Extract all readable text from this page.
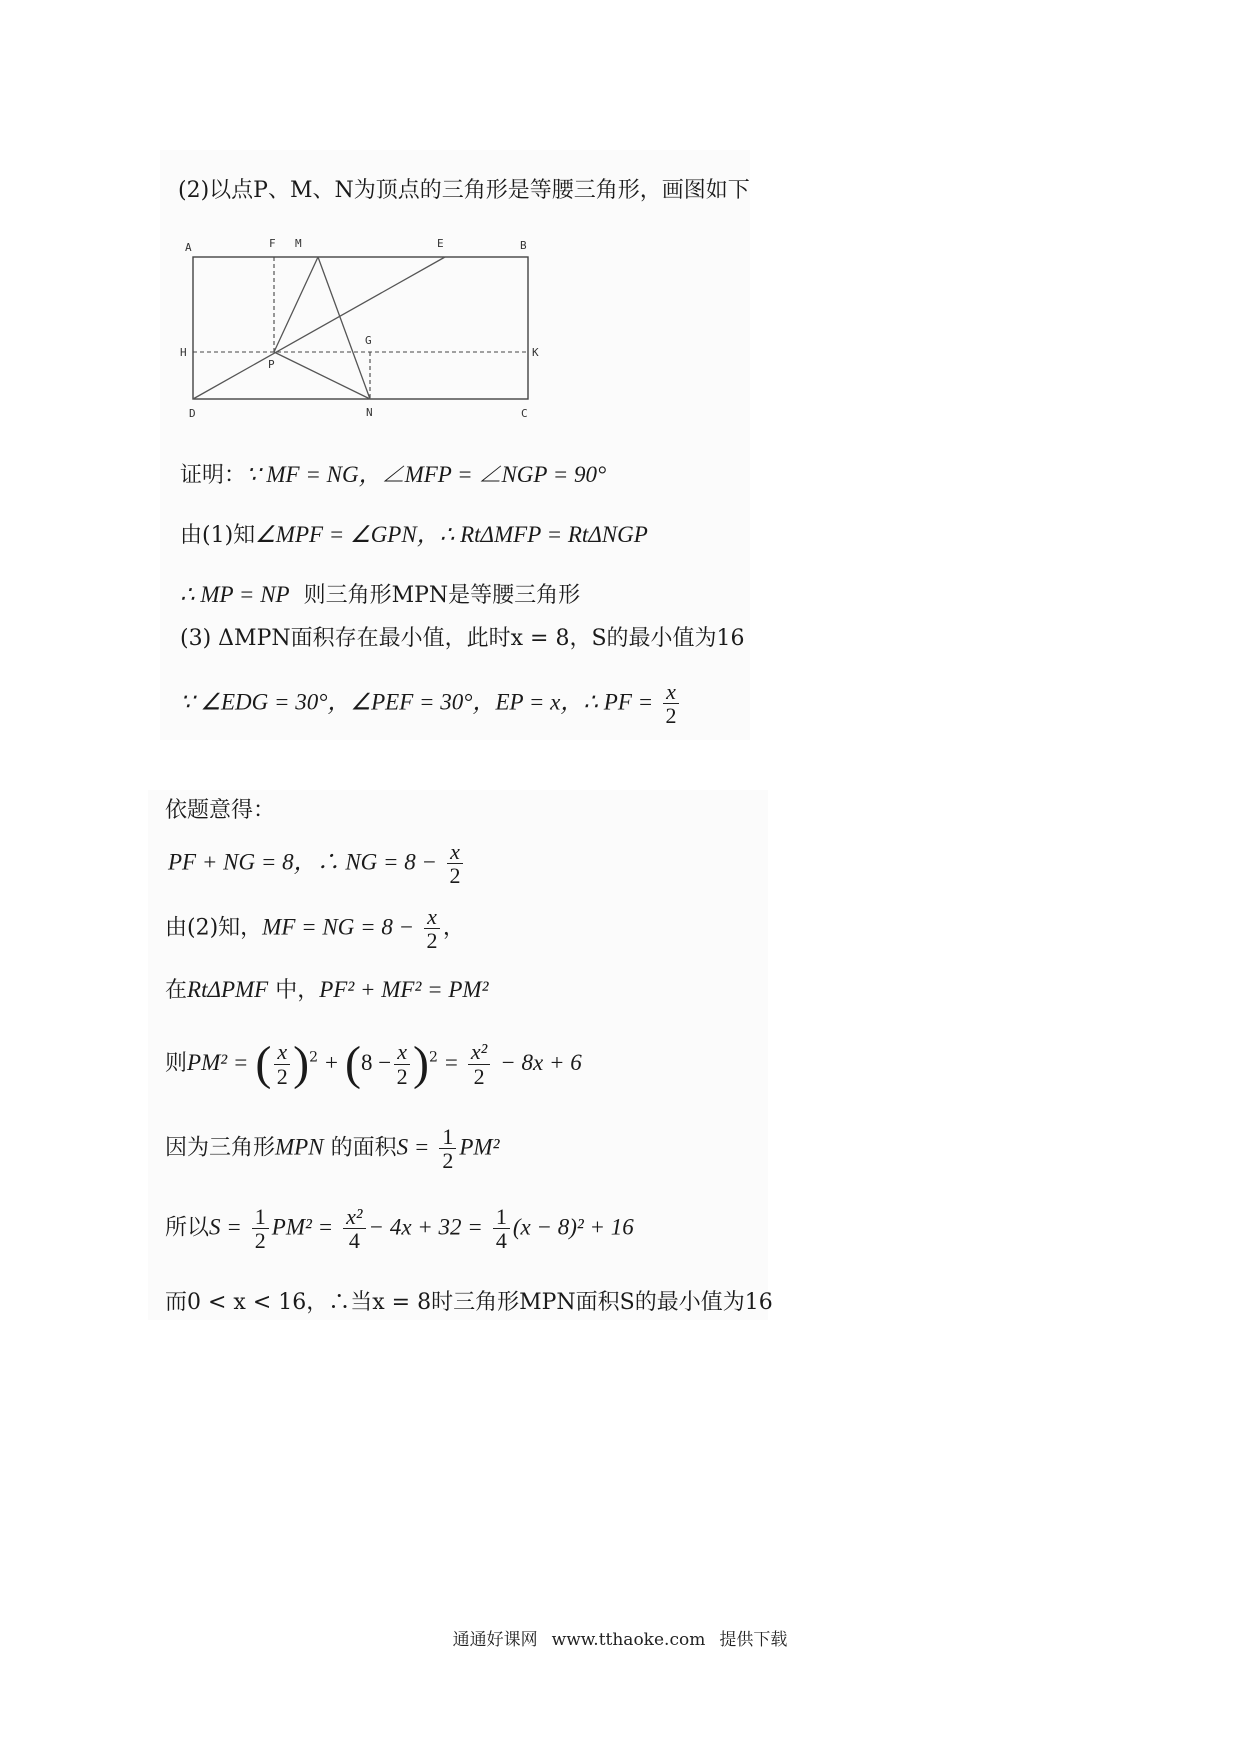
(2)以点P、M、N为顶点的三角形是等腰三角形，画图如下
A	F M	E	B
H
G
K
P
D	N	C
证明：∵ MF = NG，∠MFP = ∠NGP = 90°
由(1)知∠MPF = ∠GPN，∴ RtΔMFP = RtΔNGP
∴ MP = NP 则三角形MPN是等腰三角形
(3) ΔMPN面积存在最小值，此时x = 8，S的最小值为16
∵ ∠EDG = 30°，∠PEF = 30°，EP = x，∴ PF = $\frac{x}{2}$
依题意得：
PF + NG = 8，∴ NG = $8 - \frac{x}{2}$
由(2)知，MF = NG = $8 - \frac{x}{2}$ ，
在RtΔPMF 中，PF² + MF² = PM²
则PM² = ( $\frac{x}{2} )^2 + (8 - \frac{x}{2} )^2 = \frac{\text{x²}}{2} - 8x + 6$
因为三角形MPN 的面积$S = \frac{1}{2} PM^2$
所以$S = \frac{1}{2} PM^2 = \frac{\text{x²}}{4} - 4x + 32 = \frac{1}{4} (x - 8)^2 + 16$
而0 < x < 16，∴当x = 8时三角形MPN面积S的最小值为16
通通好课网 www.tthaoke.com 提供下载
